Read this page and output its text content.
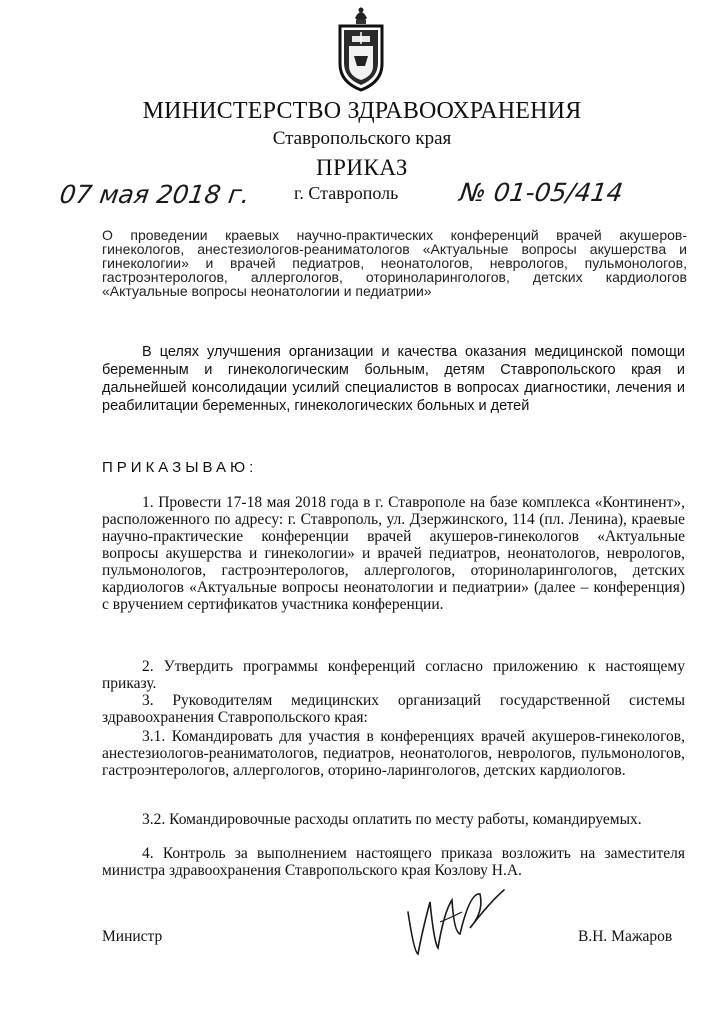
МИНИСТЕРСТВО ЗДРАВООХРАНЕНИЯ
Ставропольского края
ПРИКАЗ
07 мая 2018 г. г. Ставрополь № 01-05/414
О проведении краевых научно-практических конференций врачей акушеров-гинекологов, анестезиологов-реаниматологов «Актуальные вопросы акушерства и гинекологии» и врачей педиатров, неонатологов, неврологов, пульмонологов, гастроэнтерологов, аллергологов, оториноларингологов, детских кардиологов «Актуальные вопросы неонатологии и педиатрии»
В целях улучшения организации и качества оказания медицинской помощи беременным и гинекологическим больным, детям Ставропольского края и дальнейшей консолидации усилий специалистов в вопросах диагностики, лечения и реабилитации беременных, гинекологических больных и детей
ПРИКАЗЫВАЮ:
1. Провести 17-18 мая 2018 года в г. Ставрополе на базе комплекса «Континент», расположенного по адресу: г. Ставрополь, ул. Дзержинского, 114 (пл. Ленина), краевые научно-практические конференции врачей акушеров-гинекологов «Актуальные вопросы акушерства и гинекологии» и врачей педиатров, неонатологов, неврологов, пульмонологов, гастроэнтерологов, аллергологов, оториноларингологов, детских кардиологов «Актуальные вопросы неонатологии и педиатрии» (далее – конференция) с вручением сертификатов участника конференции.
2. Утвердить программы конференций согласно приложению к настоящему приказу.
3. Руководителям медицинских организаций государственной системы здравоохранения Ставропольского края:
3.1. Командировать для участия в конференциях врачей акушеров-гинекологов, анестезиологов-реаниматологов, педиатров, неонатологов, неврологов, пульмонологов, гастроэнтерологов, аллергологов, оторино-ларингологов, детских кардиологов.
3.2. Командировочные расходы оплатить по месту работы, командируемых.
4. Контроль за выполнением настоящего приказа возложить на заместителя министра здравоохранения Ставропольского края Козлову Н.А.
Министр	В.Н. Мажаров
